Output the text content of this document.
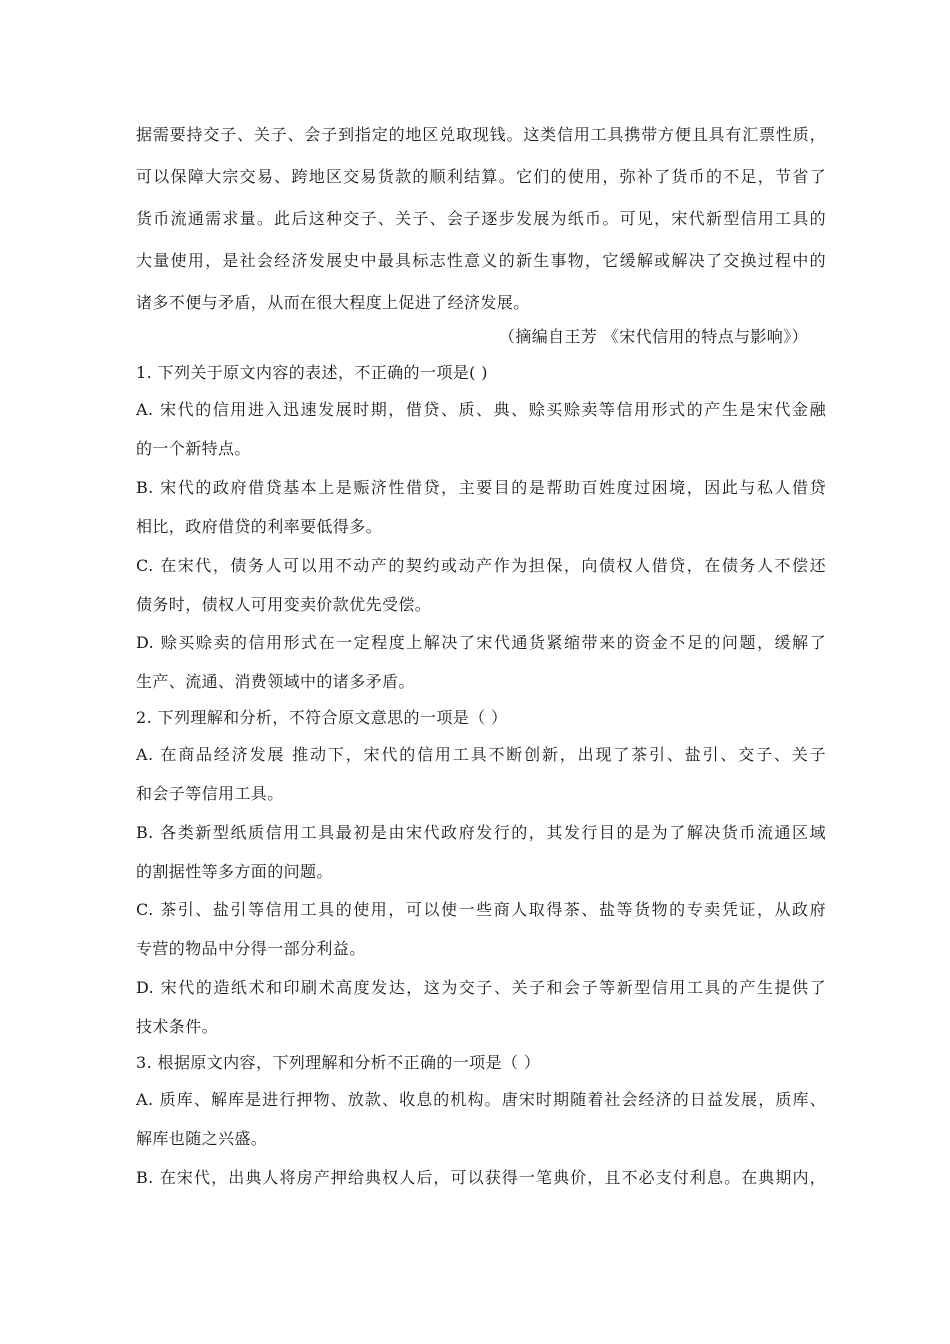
据需要持交子、关子、会子到指定的地区兑取现钱。这类信用工具携带方便且具有汇票性质，
可以保障大宗交易、跨地区交易货款的顺利结算。它们的使用，弥补了货币的不足，节省了
货币流通需求量。此后这种交子、关子、会子逐步发展为纸币。可见，宋代新型信用工具的
大量使用，是社会经济发展史中最具标志性意义的新生事物，它缓解或解决了交换过程中的
诸多不便与矛盾，从而在很大程度上促进了经济发展。
（摘编自王芳 《宋代信用的特点与影响》）
1. 下列关于原文内容的表述，不正确的一项是( )
A. 宋代的信用进入迅速发展时期，借贷、质、典、赊买赊卖等信用形式的产生是宋代金融
的一个新特点。
B. 宋代的政府借贷基本上是赈济性借贷，主要目的是帮助百姓度过困境，因此与私人借贷
相比，政府借贷的利率要低得多。
C. 在宋代，债务人可以用不动产的契约或动产作为担保，向债权人借贷，在债务人不偿还
债务时，债权人可用变卖价款优先受偿。
D. 赊买赊卖的信用形式在一定程度上解决了宋代通货紧缩带来的资金不足的问题，缓解了
生产、流通、消费领域中的诸多矛盾。
2. 下列理解和分析，不符合原文意思的一项是（ ）
A. 在商品经济发展 推动下，宋代的信用工具不断创新，出现了茶引、盐引、交子、关子
和会子等信用工具。
B. 各类新型纸质信用工具最初是由宋代政府发行的，其发行目的是为了解决货币流通区域
的割据性等多方面的问题。
C. 茶引、盐引等信用工具的使用，可以使一些商人取得茶、盐等货物的专卖凭证，从政府
专营的物品中分得一部分利益。
D. 宋代的造纸术和印刷术高度发达，这为交子、关子和会子等新型信用工具的产生提供了
技术条件。
3. 根据原文内容，下列理解和分析不正确的一项是（ ）
A. 质库、解库是进行押物、放款、收息的机构。唐宋时期随着社会经济的日益发展，质库、
解库也随之兴盛。
B. 在宋代，出典人将房产押给典权人后，可以获得一笔典价，且不必支付利息。在典期内，
